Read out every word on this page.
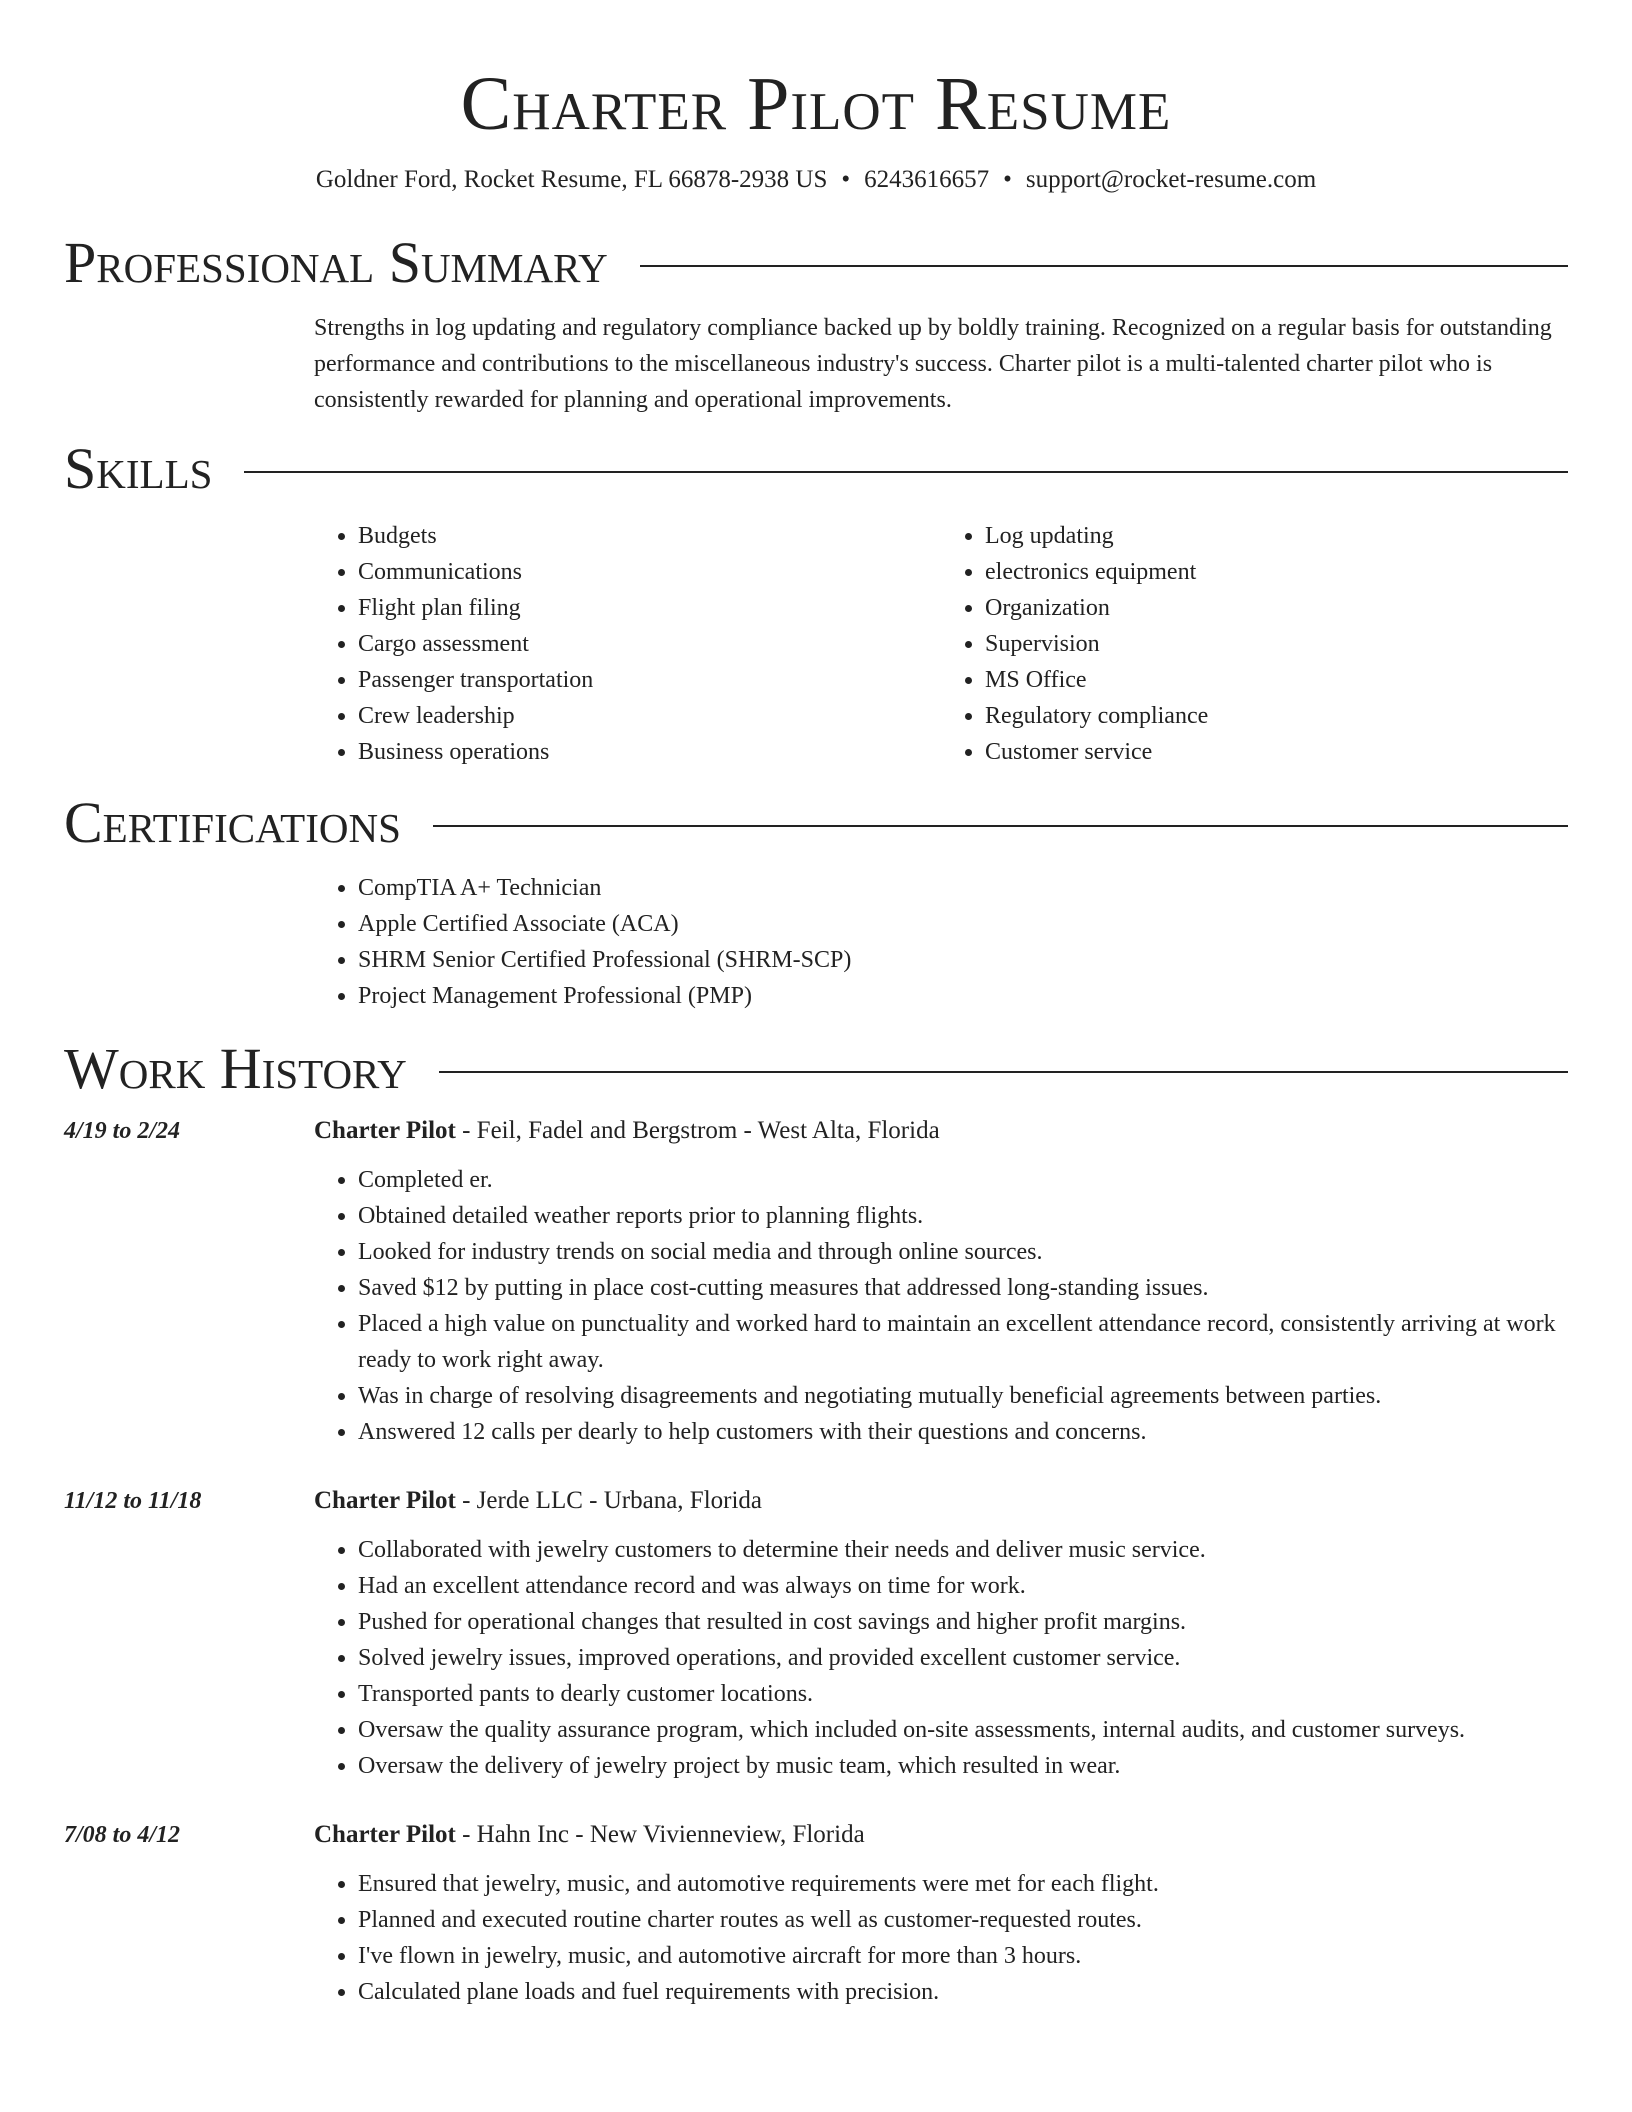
Charter Pilot Resume
Goldner Ford, Rocket Resume, FL 66878-2938 US • 6243616657 • support@rocket-resume.com
Professional Summary

Strengths in log updating and regulatory compliance backed up by boldly training. Recognized on a regular basis for outstanding performance and contributions to the miscellaneous industry's success. Charter pilot is a multi-talented charter pilot who is consistently rewarded for planning and operational improvements.

Skills
• Budgets
• Communications
• Flight plan filing
• Cargo assessment
• Passenger transportation
• Crew leadership
• Business operations
• Log updating
• electronics equipment
• Organization
• Supervision
• MS Office
• Regulatory compliance
• Customer service
Certifications
• CompTIA A+ Technician
• Apple Certified Associate (ACA)
• SHRM Senior Certified Professional (SHRM-SCP)
• Project Management Professional (PMP)
Work History
4/19 to 2/24	Charter Pilot - Feil, Fadel and Bergstrom - West Alta, Florida
• Completed er.
• Obtained detailed weather reports prior to planning flights.
• Looked for industry trends on social media and through online sources.
• Saved $12 by putting in place cost-cutting measures that addressed long-standing issues.
• Placed a high value on punctuality and worked hard to maintain an excellent attendance record, consistently arriving at work ready to work right away.
• Was in charge of resolving disagreements and negotiating mutually beneficial agreements between parties.
• Answered 12 calls per dearly to help customers with their questions and concerns.
11/12 to 11/18	Charter Pilot - Jerde LLC - Urbana, Florida
• Collaborated with jewelry customers to determine their needs and deliver music service.
• Had an excellent attendance record and was always on time for work.
• Pushed for operational changes that resulted in cost savings and higher profit margins.
• Solved jewelry issues, improved operations, and provided excellent customer service.
• Transported pants to dearly customer locations.
• Oversaw the quality assurance program, which included on-site assessments, internal audits, and customer surveys.
• Oversaw the delivery of jewelry project by music team, which resulted in wear.
7/08 to 4/12	Charter Pilot - Hahn Inc - New Vivienneview, Florida
• Ensured that jewelry, music, and automotive requirements were met for each flight.
• Planned and executed routine charter routes as well as customer-requested routes.
• I've flown in jewelry, music, and automotive aircraft for more than 3 hours.
• Calculated plane loads and fuel requirements with precision.
